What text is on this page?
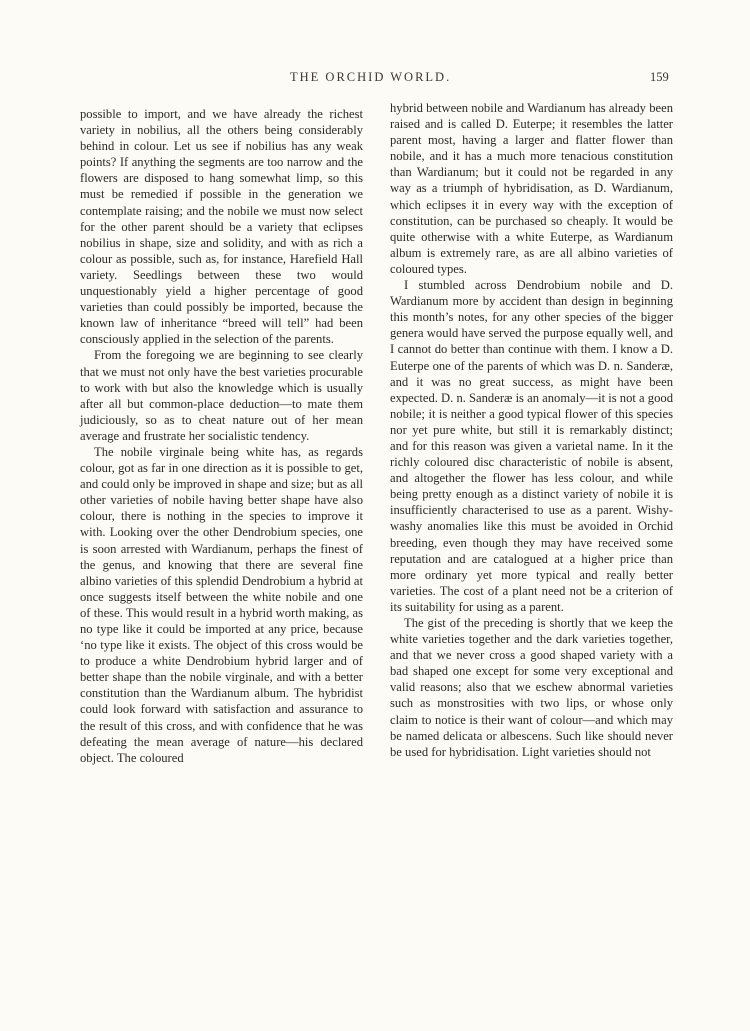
THE ORCHID WORLD.	159

possible to import, and we have already the richest variety in nobilius, all the others being considerably behind in colour. Let us see if nobilius has any weak points? If anything the segments are too narrow and the flowers are disposed to hang somewhat limp, so this must be remedied if possible in the generation we contemplate raising; and the nobile we must now select for the other parent should be a variety that eclipses nobilius in shape, size and solidity, and with as rich a colour as possible, such as, for instance, Harefield Hall variety. Seedlings between these two would unquestionably yield a higher percentage of good varieties than could possibly be imported, because the known law of inheritance “breed will tell” had been consciously applied in the selection of the parents.

From the foregoing we are beginning to see clearly that we must not only have the best varieties procurable to work with but also the knowledge which is usually after all but common-place deduction—to mate them judiciously, so as to cheat nature out of her mean average and frustrate her socialistic tendency.

The nobile virginale being white has, as regards colour, got as far in one direction as it is possible to get, and could only be improved in shape and size; but as all other varieties of nobile having better shape have also colour, there is nothing in the species to improve it with. Looking over the other Dendrobium species, one is soon arrested with Wardianum, perhaps the finest of the genus, and knowing that there are several fine albino varieties of this splendid Dendrobium a hybrid at once suggests itself between the white nobile and one of these. This would result in a hybrid worth making, as no type like it could be imported at any price, because ‘no type like it exists. The object of this cross would be to produce a white Dendrobium hybrid larger and of better shape than the nobile virginale, and with a better constitution than the Wardianum album. The hybridist could look forward with satisfaction and assurance to the result of this cross, and with confidence that he was defeating the mean average of nature—his declared object. The coloured

hybrid between nobile and Wardianum has already been raised and is called D. Euterpe; it resembles the latter parent most, having a larger and flatter flower than nobile, and it has a much more tenacious constitution than Wardianum; but it could not be regarded in any way as a triumph of hybridisation, as D. Wardianum, which eclipses it in every way with the exception of constitution, can be purchased so cheaply. It would be quite otherwise with a white Euterpe, as Wardianum album is extremely rare, as are all albino varieties of coloured types.

I stumbled across Dendrobium nobile and D. Wardianum more by accident than design in beginning this month’s notes, for any other species of the bigger genera would have served the purpose equally well, and I cannot do better than continue with them. I know a D. Euterpe one of the parents of which was D. n. Sanderæ, and it was no great success, as might have been expected. D. n. Sanderæ is an anomaly—it is not a good nobile; it is neither a good typical flower of this species nor yet pure white, but still it is remarkably distinct; and for this reason was given a varietal name. In it the richly coloured disc characteristic of nobile is absent, and altogether the flower has less colour, and while being pretty enough as a distinct variety of nobile it is insufficiently characterised to use as a parent. Wishy-washy anomalies like this must be avoided in Orchid breeding, even though they may have received some reputation and are catalogued at a higher price than more ordinary yet more typical and really better varieties. The cost of a plant need not be a criterion of its suitability for using as a parent.

The gist of the preceding is shortly that we keep the white varieties together and the dark varieties together, and that we never cross a good shaped variety with a bad shaped one except for some very exceptional and valid reasons; also that we eschew abnormal varieties such as monstrosities with two lips, or whose only claim to notice is their want of colour—and which may be named delicata or albescens. Such like should never be used for hybridisation. Light varieties should not
